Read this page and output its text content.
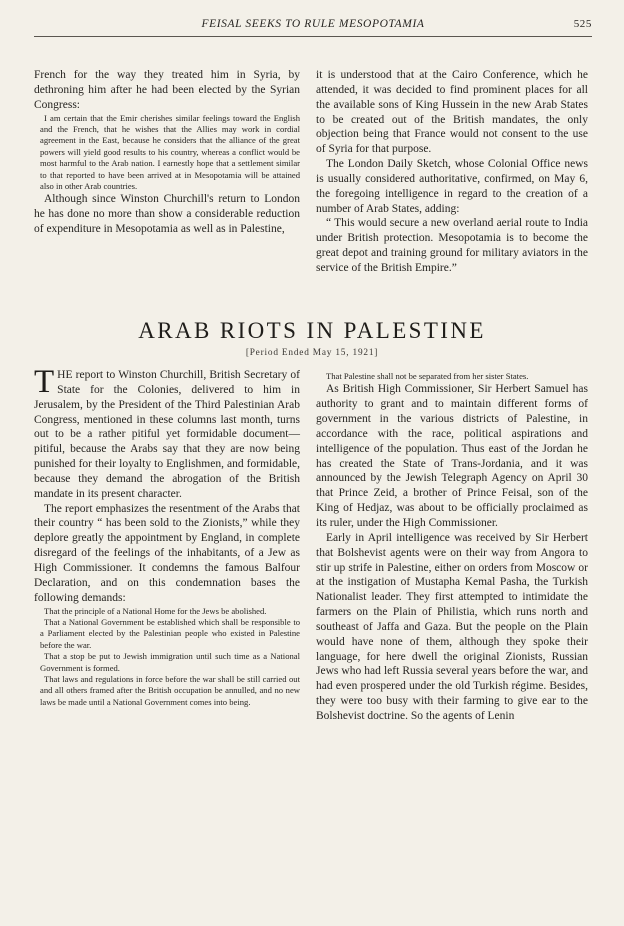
FEISAL SEEKS TO RULE MESOPOTAMIA	525

French for the way they treated him in Syria, by dethroning him after he had been elected by the Syrian Congress:

I am certain that the Emir cherishes similar feelings toward the English and the French, that he wishes that the Allies may work in cordial agreement in the East, because he considers that the alliance of the great powers will yield good results to his country, whereas a conflict would be most harmful to the Arab nation. I earnestly hope that a settlement similar to that reported to have been arrived at in Mesopotamia will be attained also in other Arab countries.

Although since Winston Churchill's return to London he has done no more than show a considerable reduction of expenditure in Mesopotamia as well as in Palestine,

it is understood that at the Cairo Conference, which he attended, it was decided to find prominent places for all the available sons of King Hussein in the new Arab States to be created out of the British mandates, the only objection being that France would not consent to the use of Syria for that purpose.

The London Daily Sketch, whose Colonial Office news is usually considered authoritative, confirmed, on May 6, the foregoing intelligence in regard to the creation of a number of Arab States, adding:

“ This would secure a new overland aerial route to India under British protection. Mesopotamia is to become the great depot and training ground for military aviators in the service of the British Empire.”

ARAB RIOTS IN PALESTINE
[Period Ended May 15, 1921]

THE report to Winston Churchill, British Secretary of State for the Colonies, delivered to him in Jerusalem, by the President of the Third Palestinian Arab Congress, mentioned in these columns last month, turns out to be a rather pitiful yet formidable document—pitiful, because the Arabs say that they are now being punished for their loyalty to Englishmen, and formidable, because they demand the abrogation of the British mandate in its present character.

The report emphasizes the resentment of the Arabs that their country “ has been sold to the Zionists,” while they deplore greatly the appointment by England, in complete disregard of the feelings of the inhabitants, of a Jew as High Commissioner. It condemns the famous Balfour Declaration, and on this condemnation bases the following demands:

That the principle of a National Home for the Jews be abolished.

That a National Government be established which shall be responsible to a Parliament elected by the Palestinian people who existed in Palestine before the war.

That a stop be put to Jewish immigration until such time as a National Government is formed.

That laws and regulations in force before the war shall be still carried out and all others framed after the British occupation be annulled, and no new laws be made until a National Government comes into being.

That Palestine shall not be separated from her sister States.

As British High Commissioner, Sir Herbert Samuel has authority to grant and to maintain different forms of government in the various districts of Palestine, in accordance with the race, political aspirations and intelligence of the population. Thus east of the Jordan he has created the State of Trans-Jordania, and it was announced by the Jewish Telegraph Agency on April 30 that Prince Zeid, a brother of Prince Feisal, son of the King of Hedjaz, was about to be officially proclaimed as its ruler, under the High Commissioner.

Early in April intelligence was received by Sir Herbert that Bolshevist agents were on their way from Angora to stir up strife in Palestine, either on orders from Moscow or at the instigation of Mustapha Kemal Pasha, the Turkish Nationalist leader. They first attempted to intimidate the farmers on the Plain of Philistia, which runs north and southeast of Jaffa and Gaza. But the people on the Plain would have none of them, although they spoke their language, for here dwell the original Zionists, Russian Jews who had left Russia several years before the war, and had even prospered under the old Turkish régime. Besides, they were too busy with their farming to give ear to the Bolshevist doctrine. So the agents of Lenin
